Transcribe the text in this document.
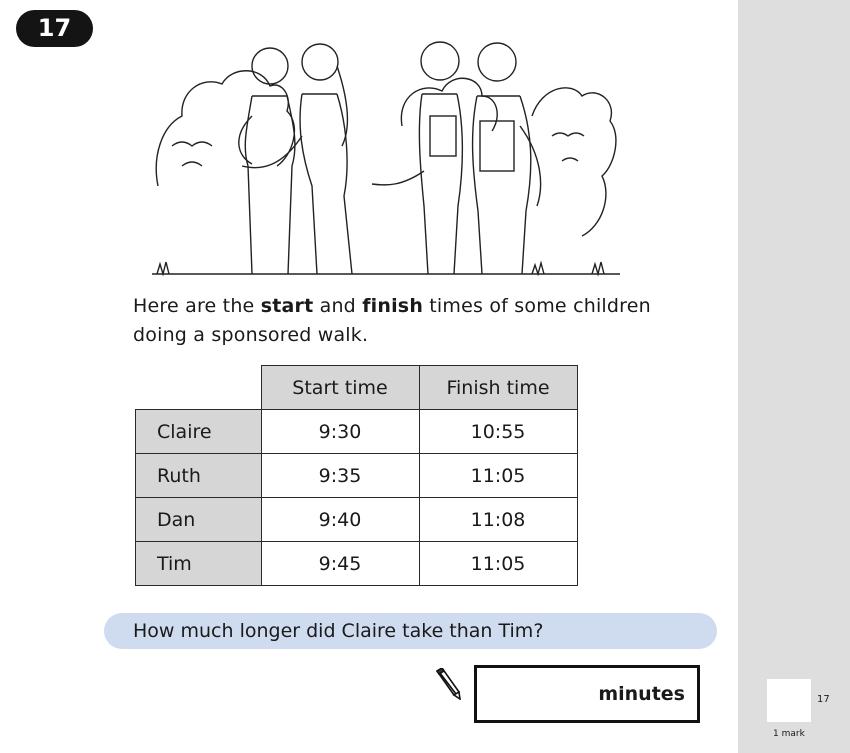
17
Here are the start and finish times of some children doing a sponsored walk.
	Start time	Finish time
Claire	9:30	10:55
Ruth	9:35	11:05
Dan	9:40	11:08
Tim	9:45	11:05
How much longer did Claire take than Tim?
minutes	17
1 mark
